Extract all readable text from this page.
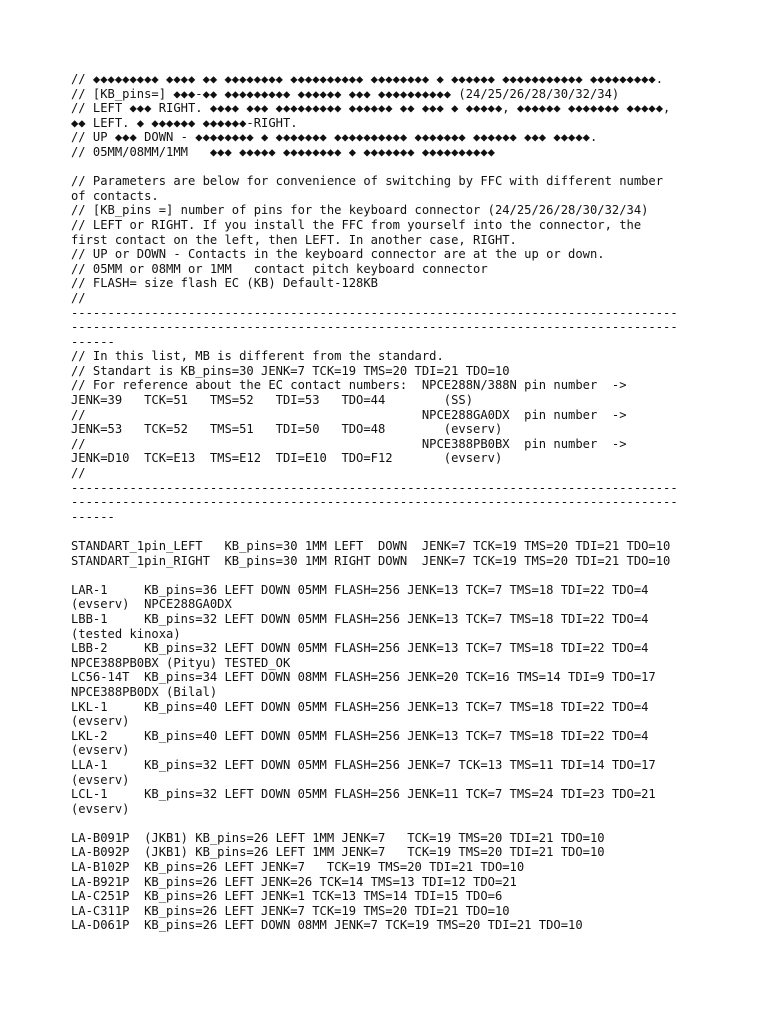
// ◆◆◆◆◆◆◆◆◆ ◆◆◆◆ ◆◆ ◆◆◆◆◆◆◆◆ ◆◆◆◆◆◆◆◆◆◆ ◆◆◆◆◆◆◆◆ ◆ ◆◆◆◆◆◆ ◆◆◆◆◆◆◆◆◆◆◆ ◆◆◆◆◆◆◆◆◆.
// [KB_pins=] ◆◆◆-◆◆ ◆◆◆◆◆◆◆◆◆ ◆◆◆◆◆◆ ◆◆◆ ◆◆◆◆◆◆◆◆◆◆ (24/25/26/28/30/32/34)
// LEFT ◆◆◆ RIGHT. ◆◆◆◆ ◆◆◆ ◆◆◆◆◆◆◆◆◆ ◆◆◆◆◆◆ ◆◆ ◆◆◆ ◆ ◆◆◆◆◆, ◆◆◆◆◆◆ ◆◆◆◆◆◆◆ ◆◆◆◆◆,
◆◆ LEFT. ◆ ◆◆◆◆◆◆ ◆◆◆◆◆◆-RIGHT.
// UP ◆◆◆ DOWN - ◆◆◆◆◆◆◆◆ ◆ ◆◆◆◆◆◆◆ ◆◆◆◆◆◆◆◆◆◆ ◆◆◆◆◆◆◆ ◆◆◆◆◆◆ ◆◆◆ ◆◆◆◆◆.
// 05MM/08MM/1MM   ◆◆◆ ◆◆◆◆◆ ◆◆◆◆◆◆◆◆ ◆ ◆◆◆◆◆◆◆ ◆◆◆◆◆◆◆◆◆◆
// Parameters are below for convenience of switching by FFC with different number
of contacts.
// [KB_pins =] number of pins for the keyboard connector (24/25/26/28/30/32/34)
// LEFT or RIGHT. If you install the FFC from yourself into the connector, the
first contact on the left, then LEFT. In another case, RIGHT.
// UP or DOWN - Contacts in the keyboard connector are at the up or down.
// 05MM or 08MM or 1MM   contact pitch keyboard connector
// FLASH= size flash EC (KB) Default-128KB
//
-----------------------------------------------------------------------------------
-----------------------------------------------------------------------------------
------
// In this list, MB is different from the standard.
// Standart is KB_pins=30 JENK=7 TCK=19 TMS=20 TDI=21 TDO=10
// For reference about the EC contact numbers:  NPCE288N/388N pin number  ->
JENK=39   TCK=51   TMS=52   TDI=53   TDO=44        (SS)
//                                              NPCE288GA0DX  pin number  ->
JENK=53   TCK=52   TMS=51   TDI=50   TDO=48        (evserv)
//                                              NPCE388PB0BX  pin number  ->
JENK=D10  TCK=E13  TMS=E12  TDI=E10  TDO=F12       (evserv)
//
-----------------------------------------------------------------------------------
-----------------------------------------------------------------------------------
------
STANDART_1pin_LEFT   KB_pins=30 1MM LEFT  DOWN  JENK=7 TCK=19 TMS=20 TDI=21 TDO=10
STANDART_1pin_RIGHT  KB_pins=30 1MM RIGHT DOWN  JENK=7 TCK=19 TMS=20 TDI=21 TDO=10
LAR-1     KB_pins=36 LEFT DOWN 05MM FLASH=256 JENK=13 TCK=7 TMS=18 TDI=22 TDO=4
(evserv)  NPCE288GA0DX
LBB-1     KB_pins=32 LEFT DOWN 05MM FLASH=256 JENK=13 TCK=7 TMS=18 TDI=22 TDO=4
(tested kinoxa)
LBB-2     KB_pins=32 LEFT DOWN 05MM FLASH=256 JENK=13 TCK=7 TMS=18 TDI=22 TDO=4
NPCE388PB0BX (Pityu) TESTED_OK
LC56-14T  KB_pins=34 LEFT DOWN 08MM FLASH=256 JENK=20 TCK=16 TMS=14 TDI=9 TDO=17
NPCE388PB0DX (Bilal)
LKL-1     KB_pins=40 LEFT DOWN 05MM FLASH=256 JENK=13 TCK=7 TMS=18 TDI=22 TDO=4
(evserv)
LKL-2     KB_pins=40 LEFT DOWN 05MM FLASH=256 JENK=13 TCK=7 TMS=18 TDI=22 TDO=4
(evserv)
LLA-1     KB_pins=32 LEFT DOWN 05MM FLASH=256 JENK=7 TCK=13 TMS=11 TDI=14 TDO=17
(evserv)
LCL-1     KB_pins=32 LEFT DOWN 05MM FLASH=256 JENK=11 TCK=7 TMS=24 TDI=23 TDO=21
(evserv)
LA-B091P  (JKB1) KB_pins=26 LEFT 1MM JENK=7   TCK=19 TMS=20 TDI=21 TDO=10
LA-B092P  (JKB1) KB_pins=26 LEFT 1MM JENK=7   TCK=19 TMS=20 TDI=21 TDO=10
LA-B102P  KB_pins=26 LEFT JENK=7   TCK=19 TMS=20 TDI=21 TDO=10
LA-B921P  KB_pins=26 LEFT JENK=26 TCK=14 TMS=13 TDI=12 TDO=21
LA-C251P  KB_pins=26 LEFT JENK=1 TCK=13 TMS=14 TDI=15 TDO=6
LA-C311P  KB_pins=26 LEFT JENK=7 TCK=19 TMS=20 TDI=21 TDO=10
LA-D061P  KB_pins=26 LEFT DOWN 08MM JENK=7 TCK=19 TMS=20 TDI=21 TDO=10
